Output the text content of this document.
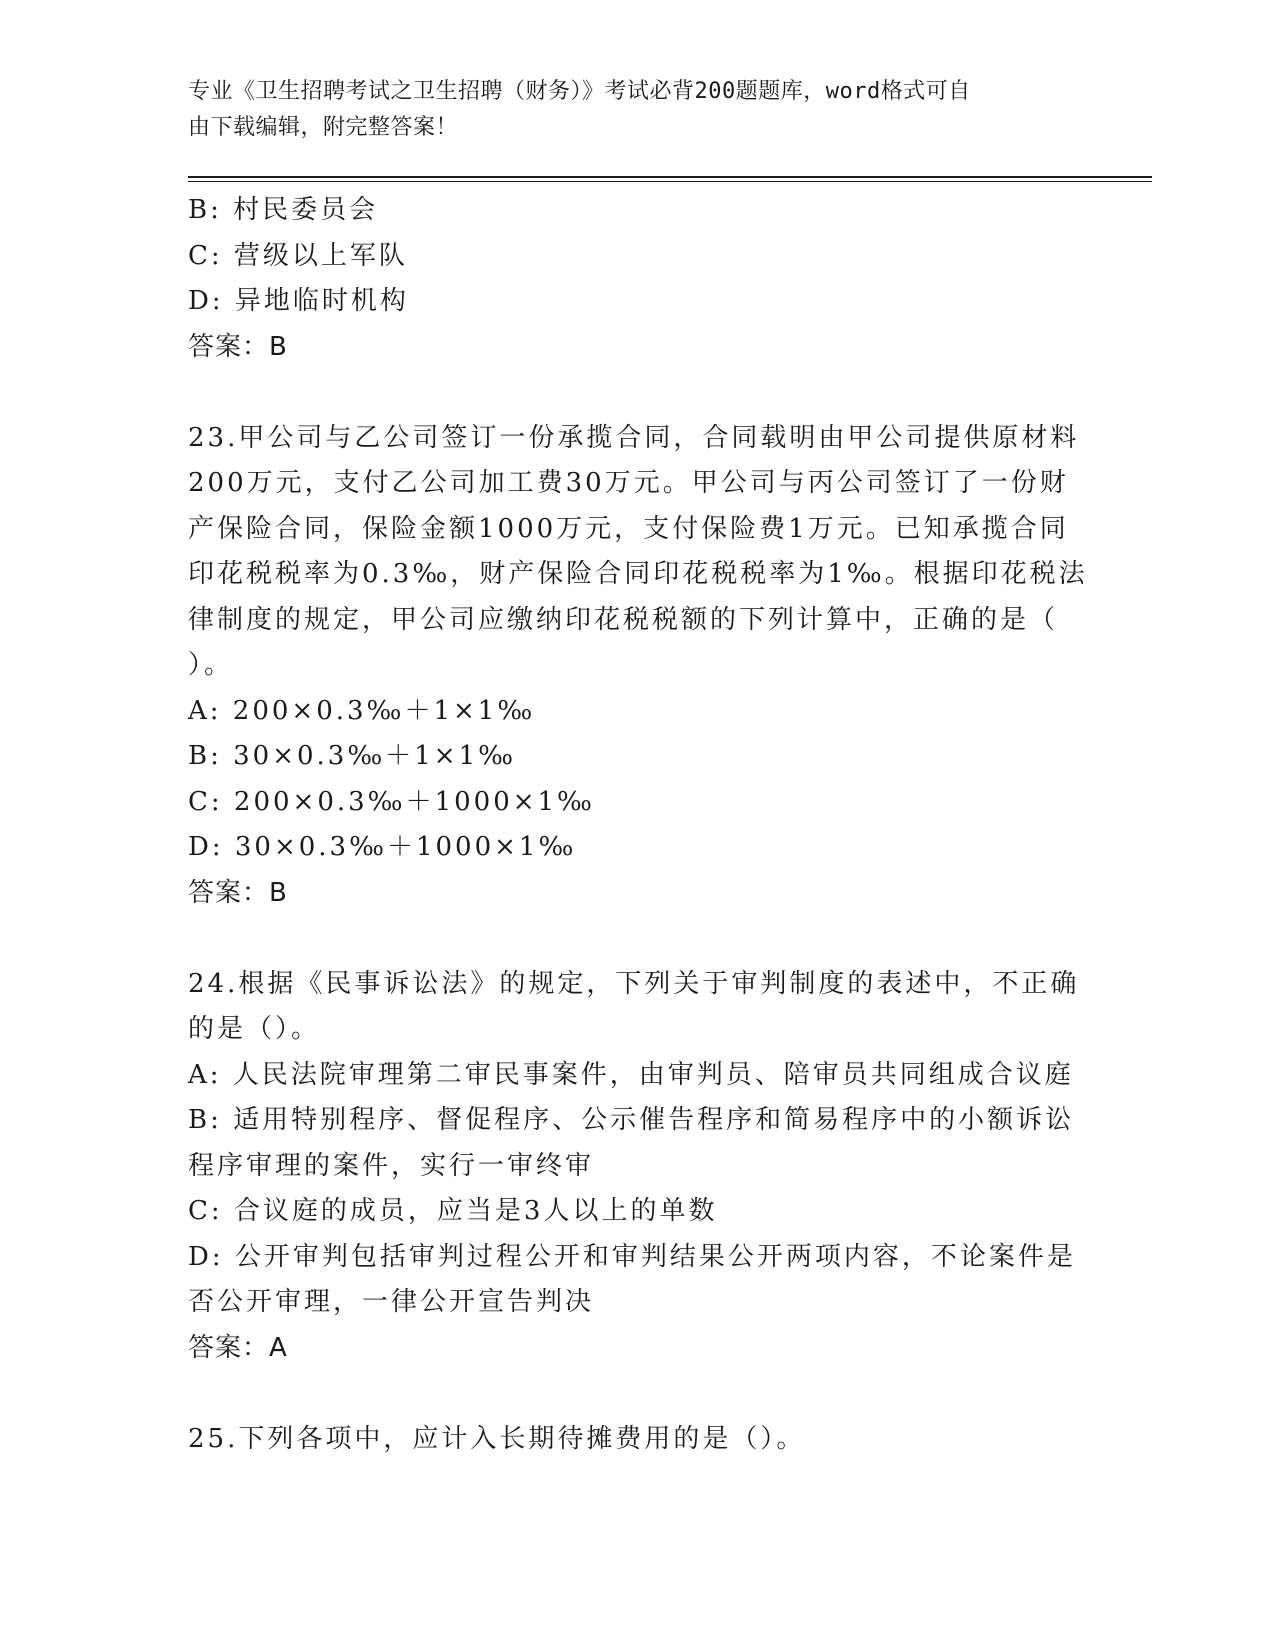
专业《卫生招聘考试之卫生招聘（财务）》考试必背200题题库，word格式可自
由下载编辑，附完整答案！
B: 村民委员会
C: 营级以上军队
D: 异地临时机构
答案：B
23.甲公司与乙公司签订一份承揽合同，合同载明由甲公司提供原材料
200万元，支付乙公司加工费30万元。甲公司与丙公司签订了一份财
产保险合同，保险金额1000万元，支付保险费1万元。已知承揽合同
印花税税率为0.3‰，财产保险合同印花税税率为1‰。根据印花税法
律制度的规定，甲公司应缴纳印花税税额的下列计算中，正确的是（
）。
A: 200×0.3‰＋1×1‰
B: 30×0.3‰＋1×1‰
C: 200×0.3‰＋1000×1‰
D: 30×0.3‰＋1000×1‰
答案：B
24.根据《民事诉讼法》的规定，下列关于审判制度的表述中，不正确
的是（）。
A: 人民法院审理第二审民事案件，由审判员、陪审员共同组成合议庭
B: 适用特别程序、督促程序、公示催告程序和简易程序中的小额诉讼
程序审理的案件，实行一审终审
C: 合议庭的成员，应当是3人以上的单数
D: 公开审判包括审判过程公开和审判结果公开两项内容，不论案件是
否公开审理，一律公开宣告判决
答案：A
25.下列各项中，应计入长期待摊费用的是（）。
